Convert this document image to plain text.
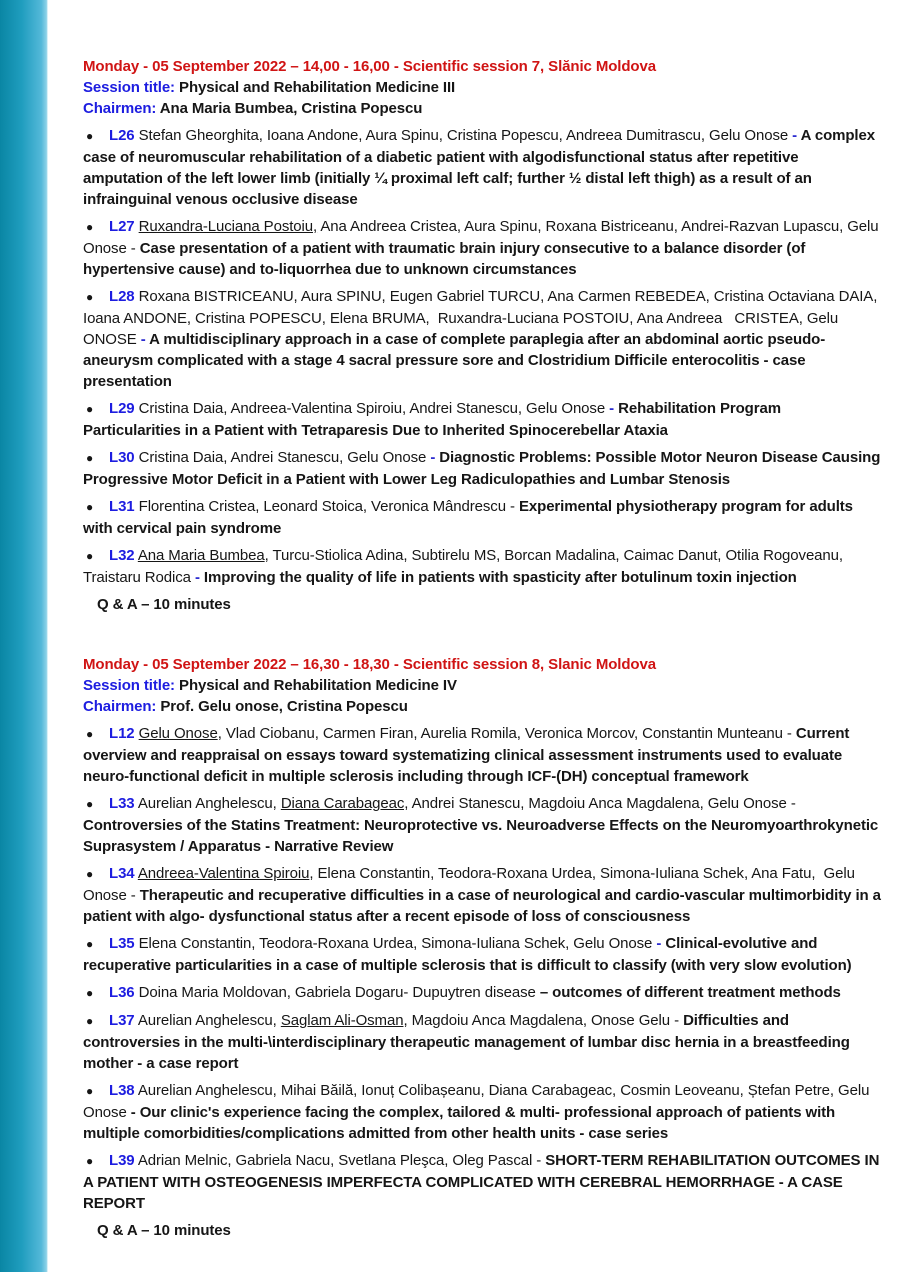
Monday - 05 September 2022 – 14,00 - 16,00 - Scientific session 7, Slănic Moldova

Session title: Physical and Rehabilitation Medicine III

Chairmen: Ana Maria Bumbea, Cristina Popescu

● L26 Stefan Gheorghita, Ioana Andone, Aura Spinu, Cristina Popescu, Andreea Dumitrascu, Gelu Onose - A complex case of neuromuscular rehabilitation of a diabetic patient with algodisfunctional status after repetitive amputation of the left lower limb (initially ¼ proximal left calf; further ½ distal left thigh) as a result of an infrainguinal venous occlusive disease

● L27 Ruxandra-Luciana Postoiu, Ana Andreea Cristea, Aura Spinu, Roxana Bistriceanu, Andrei-Razvan Lupascu, Gelu Onose - Case presentation of a patient with traumatic brain injury consecutive to a balance disorder (of hypertensive cause) and to-liquorrhea due to unknown circumstances

● L28 Roxana BISTRICEANU, Aura SPINU, Eugen Gabriel TURCU, Ana Carmen REBEDEA, Cristina Octaviana DAIA, Ioana ANDONE, Cristina POPESCU, Elena BRUMA,  Ruxandra-Luciana POSTOIU, Ana Andreea   CRISTEA, Gelu ONOSE - A multidisciplinary approach in a case of complete paraplegia after an abdominal aortic pseudo-aneurysm complicated with a stage 4 sacral pressure sore and Clostridium Difficile enterocolitis - case presentation

● L29 Cristina Daia, Andreea-Valentina Spiroiu, Andrei Stanescu, Gelu Onose - Rehabilitation Program Particularities in a Patient with Tetraparesis Due to Inherited Spinocerebellar Ataxia

● L30 Cristina Daia, Andrei Stanescu, Gelu Onose - Diagnostic Problems: Possible Motor Neuron Disease Causing Progressive Motor Deficit in a Patient with Lower Leg Radiculopathies and Lumbar Stenosis

● L31 Florentina Cristea, Leonard Stoica, Veronica Mândrescu - Experimental physiotherapy program for adults with cervical pain syndrome

● L32 Ana Maria Bumbea, Turcu-Stiolica Adina, Subtirelu MS, Borcan Madalina, Caimac Danut, Otilia Rogoveanu, Traistaru Rodica - Improving the quality of life in patients with spasticity after botulinum toxin injection

Q & A – 10 minutes

Monday - 05 September 2022 – 16,30 - 18,30 - Scientific session 8, Slanic Moldova

Session title: Physical and Rehabilitation Medicine IV

Chairmen: Prof. Gelu onose, Cristina Popescu

● L12 Gelu Onose, Vlad Ciobanu, Carmen Firan, Aurelia Romila, Veronica Morcov, Constantin Munteanu - Current overview and reappraisal on essays toward systematizing clinical assessment instruments used to evaluate neuro-functional deficit in multiple sclerosis including through ICF-(DH) conceptual framework

● L33 Aurelian Anghelescu, Diana Carabageac, Andrei Stanescu, Magdoiu Anca Magdalena, Gelu Onose - Controversies of the Statins Treatment: Neuroprotective vs. Neuroadverse Effects on the Neuromyoarthrokynetic Suprasystem / Apparatus - Narrative Review

● L34 Andreea-Valentina Spiroiu, Elena Constantin, Teodora-Roxana Urdea, Simona-Iuliana Schek, Ana Fatu,  Gelu Onose - Therapeutic and recuperative difficulties in a case of neurological and cardio-vascular multimorbidity in a patient with algo- dysfunctional status after a recent episode of loss of consciousness

● L35 Elena Constantin, Teodora-Roxana Urdea, Simona-Iuliana Schek, Gelu Onose - Clinical-evolutive and recuperative particularities in a case of multiple sclerosis that is difficult to classify (with very slow evolution)

● L36 Doina Maria Moldovan, Gabriela Dogaru- Dupuytren disease – outcomes of different treatment methods

● L37 Aurelian Anghelescu, Saglam Ali-Osman, Magdoiu Anca Magdalena, Onose Gelu - Difficulties and controversies in the multi-\interdisciplinary therapeutic management of lumbar disc hernia in a breastfeeding mother - a case report

● L38 Aurelian Anghelescu, Mihai Băilă, Ionuț Colibașeanu, Diana Carabageac, Cosmin Leoveanu, Ștefan Petre, Gelu Onose - Our clinic's experience facing the complex, tailored & multi- professional approach of patients with multiple comorbidities/complications admitted from other health units - case series

● L39 Adrian Melnic, Gabriela Nacu, Svetlana Pleşca, Oleg Pascal - SHORT-TERM REHABILITATION OUTCOMES IN A PATIENT WITH OSTEOGENESIS IMPERFECTA COMPLICATED WITH CEREBRAL HEMORRHAGE - A CASE REPORT

Q & A – 10 minutes
